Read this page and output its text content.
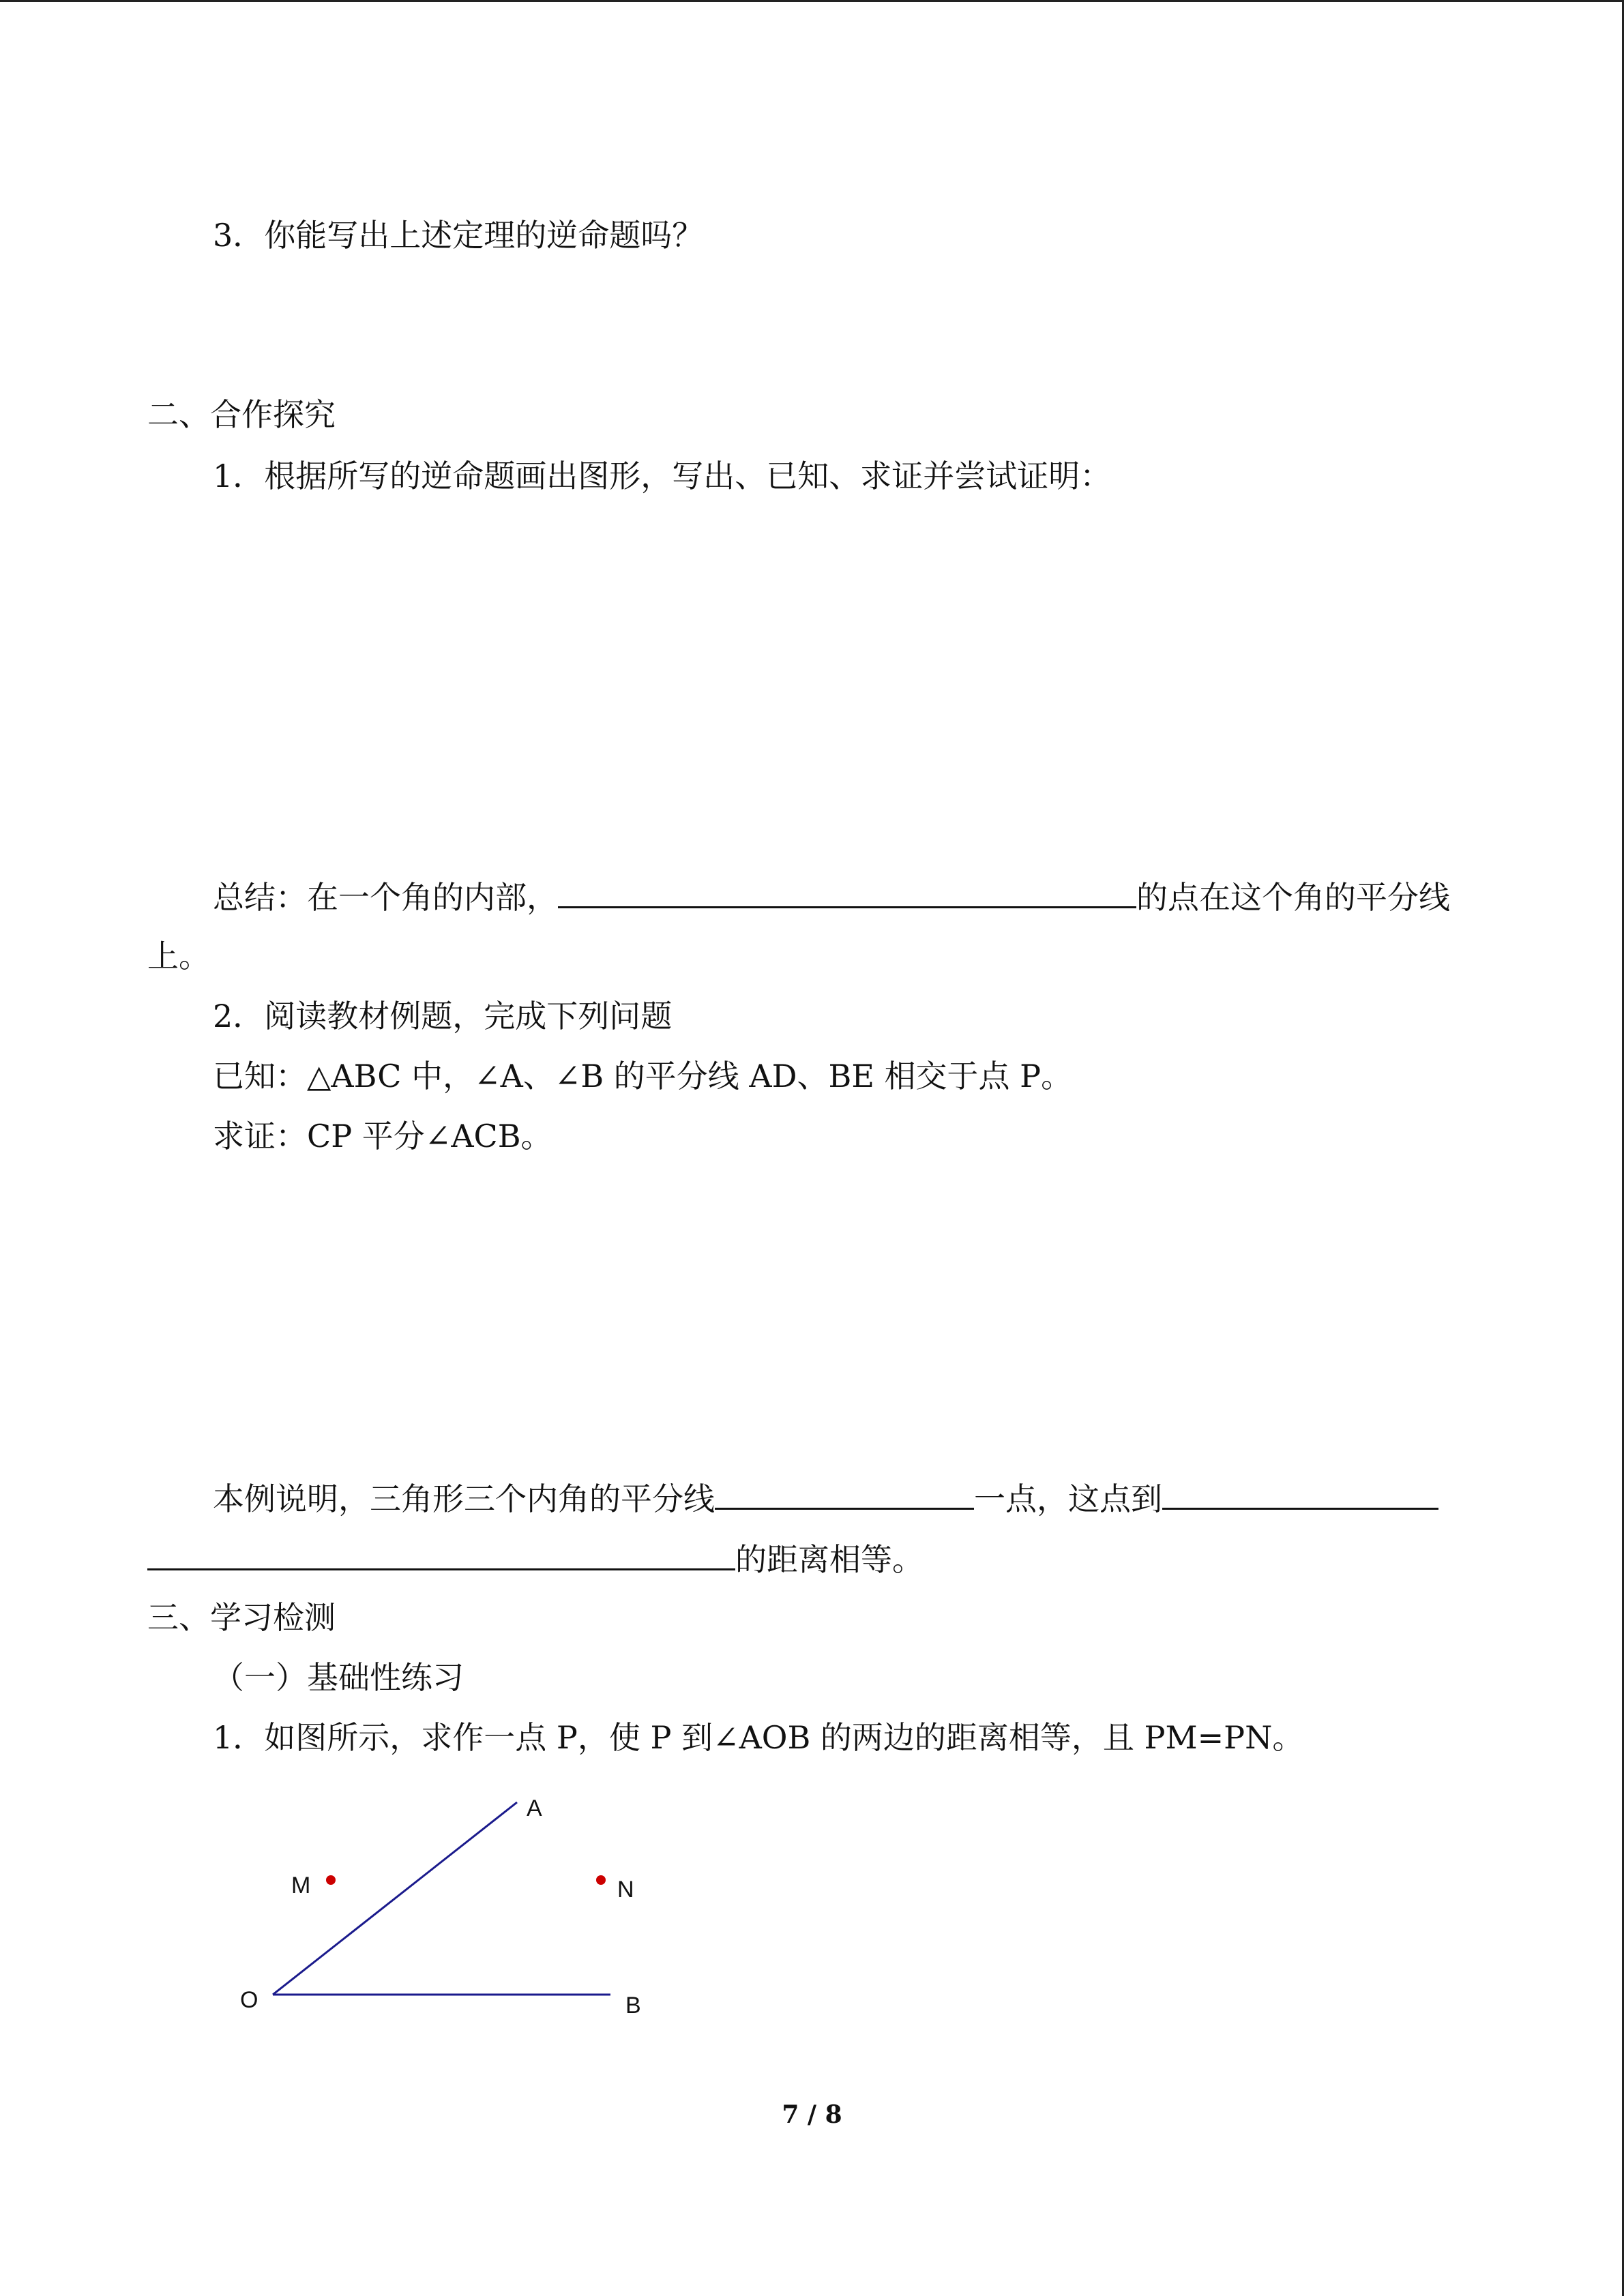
3．你能写出上述定理的逆命题吗？
二、合作探究
1．根据所写的逆命题画出图形，写出、已知、求证并尝试证明：
总结：在一个角的内部，	的点在这个角的平分线
上。
2．阅读教材例题，完成下列问题
已知：△ABC 中，∠A、∠B 的平分线 AD、BE 相交于点 P。
求证：CP 平分∠ACB。
本例说明，三角形三个内角的平分线	一点，这点到
的距离相等。
三、学习检测
（一）基础性练习
1．如图所示，求作一点 P，使 P 到∠AOB 的两边的距离相等，且 PM=PN。
A
M	N
O	B
7 / 8
